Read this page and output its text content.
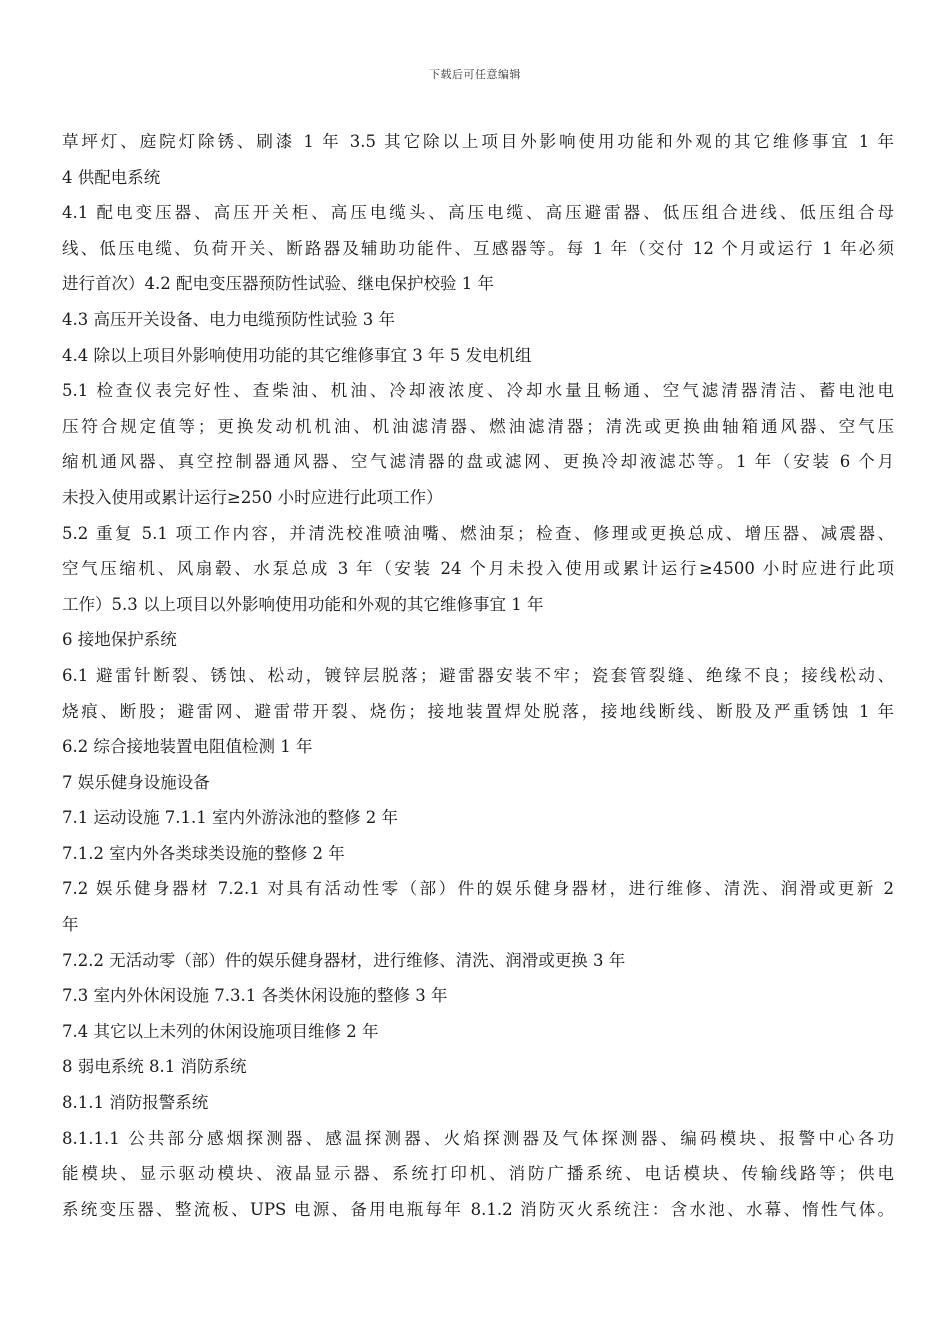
下载后可任意编辑
草坪灯、庭院灯除锈、刷漆 1 年 3.5 其它除以上项目外影响使用功能和外观的其它维修事宜 1 年
4 供配电系统
4.1 配电变压器、高压开关柜、高压电缆头、高压电缆、高压避雷器、低压组合进线、低压组合母
线、低压电缆、负荷开关、断路器及辅助功能件、互感器等。每 1 年（交付 12 个月或运行 1 年必须
进行首次）4.2 配电变压器预防性试验、继电保护校验 1 年
4.3 高压开关设备、电力电缆预防性试验 3 年
4.4 除以上项目外影响使用功能的其它维修事宜 3 年 5 发电机组
5.1 检查仪表完好性、查柴油、机油、冷却液浓度、冷却水量且畅通、空气滤清器清洁、蓄电池电
压符合规定值等；更换发动机机油、机油滤清器、燃油滤清器；清洗或更换曲轴箱通风器、空气压
缩机通风器、真空控制器通风器、空气滤清器的盘或滤网、更换冷却液滤芯等。1 年（安装 6 个月
未投入使用或累计运行≥250 小时应进行此项工作）
5.2 重复 5.1 项工作内容，并清洗校准喷油嘴、燃油泵；检查、修理或更换总成、增压器、减震器、
空气压缩机、风扇毂、水泵总成 3 年（安装 24 个月未投入使用或累计运行≥4500 小时应进行此项
工作）5.3 以上项目以外影响使用功能和外观的其它维修事宜 1 年
6 接地保护系统
6.1 避雷针断裂、锈蚀、松动，镀锌层脱落；避雷器安装不牢；瓷套管裂缝、绝缘不良；接线松动、
烧痕、断股；避雷网、避雷带开裂、烧伤；接地装置焊处脱落，接地线断线、断股及严重锈蚀 1 年
6.2 综合接地装置电阻值检测 1 年
7 娱乐健身设施设备
7.1 运动设施 7.1.1 室内外游泳池的整修 2 年
7.1.2 室内外各类球类设施的整修 2 年
7.2 娱乐健身器材 7.2.1 对具有活动性零（部）件的娱乐健身器材，进行维修、清洗、润滑或更新 2
年
7.2.2 无活动零（部）件的娱乐健身器材，进行维修、清洗、润滑或更换 3 年
7.3 室内外休闲设施 7.3.1 各类休闲设施的整修 3 年
7.4 其它以上未列的休闲设施项目维修 2 年
8 弱电系统 8.1 消防系统
8.1.1 消防报警系统
8.1.1.1 公共部分感烟探测器、感温探测器、火焰探测器及气体探测器、编码模块、报警中心各功
能模块、显示驱动模块、液晶显示器、系统打印机、消防广播系统、电话模块、传输线路等；供电
系统变压器、整流板、UPS 电源、备用电瓶每年 8.1.2 消防灭火系统注：含水池、水幕、惰性气体。
